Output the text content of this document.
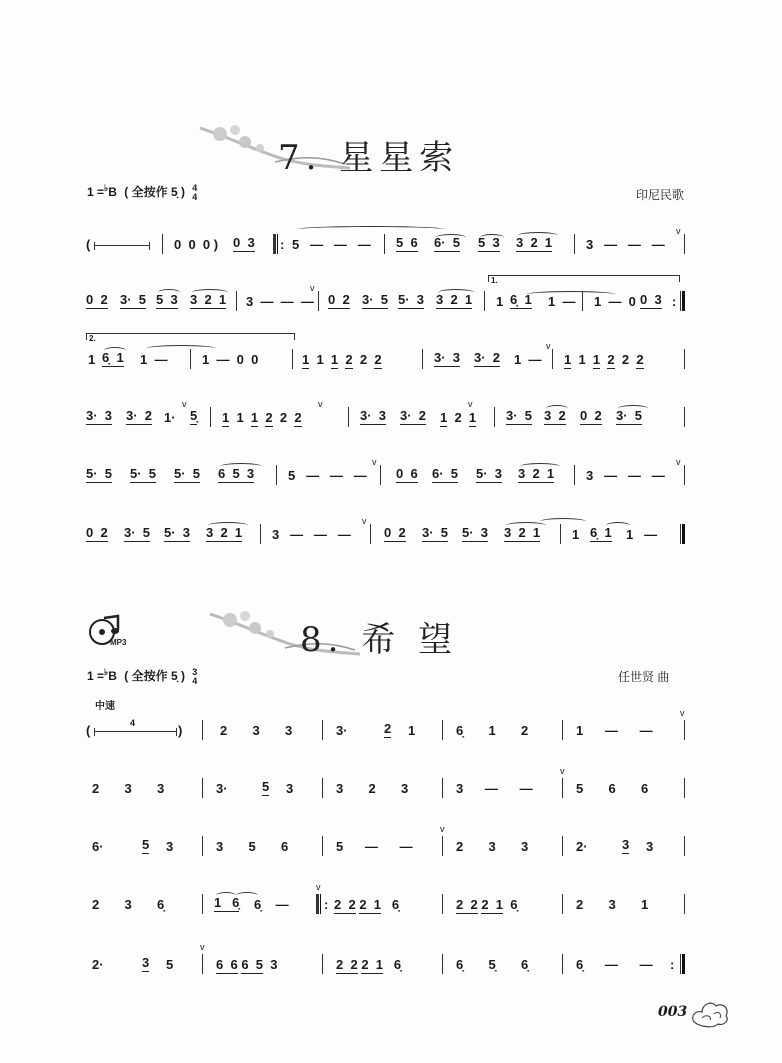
7. 星星索
1 =♭B ( 全按作 5̣ ) 4
4	印尼民歌
(	0  0  0 ) 0  3 : 5   —   —   — 5  6 6·  5 5  3 3  2  1	3   —   —   —
v
0  2 3·  5 5  3 3  2  1 3  —  —  —
v
0  2 3·  5 5·  3 3  2  1
1.
1 6̣  1 1  — 1  —  0 0  3 :
2.
1 6̣  1 1  —	1  —  0  0	1  1  1 2  2  2	3·  3 3·  2 1  —
v
1  1  1 2  2  2
3·  3 3·  2 1·
v
5̣ 1  1  1 2  2  2
v
3·  3 3·  2 1  2  1
v
3·  5 3  2 0  2 3·  5
5·  5 5·  5 5·  5 6  5  3	5   —   —   —
v
0  6 6·  5 5·  3 3  2  1 3   —   —   —
v
0  2 3·  5 5·  3 3  2  1 3   —   —   —
v
0  2 3·  5 5·  3 3  2  1 1 6̣  1 1   —
MP3	8. 希 望
1 =♭B ( 全按作 5̣ ) 3
4	任世贤 曲
中速
(	4	)	2       3       3	3·	2 1	6̣       1       2	1      —      —
v
2       3       3	3·	5 3	3       2       3	3      —      —
v
5       6       6
6·	5 3	3       5       6	5      —      —
v
2       3       3	2·	3 3
2       3       6̣	1   6̣ 6̣    —
v
: 2  2 2  1   6̣	2  2 2  1  6̣	2       3       1
2·	3 5
v
6  6 6  5  3	2  2 2  1   6̣	6̣       5̣       6̣	6̣      —      — :
003
